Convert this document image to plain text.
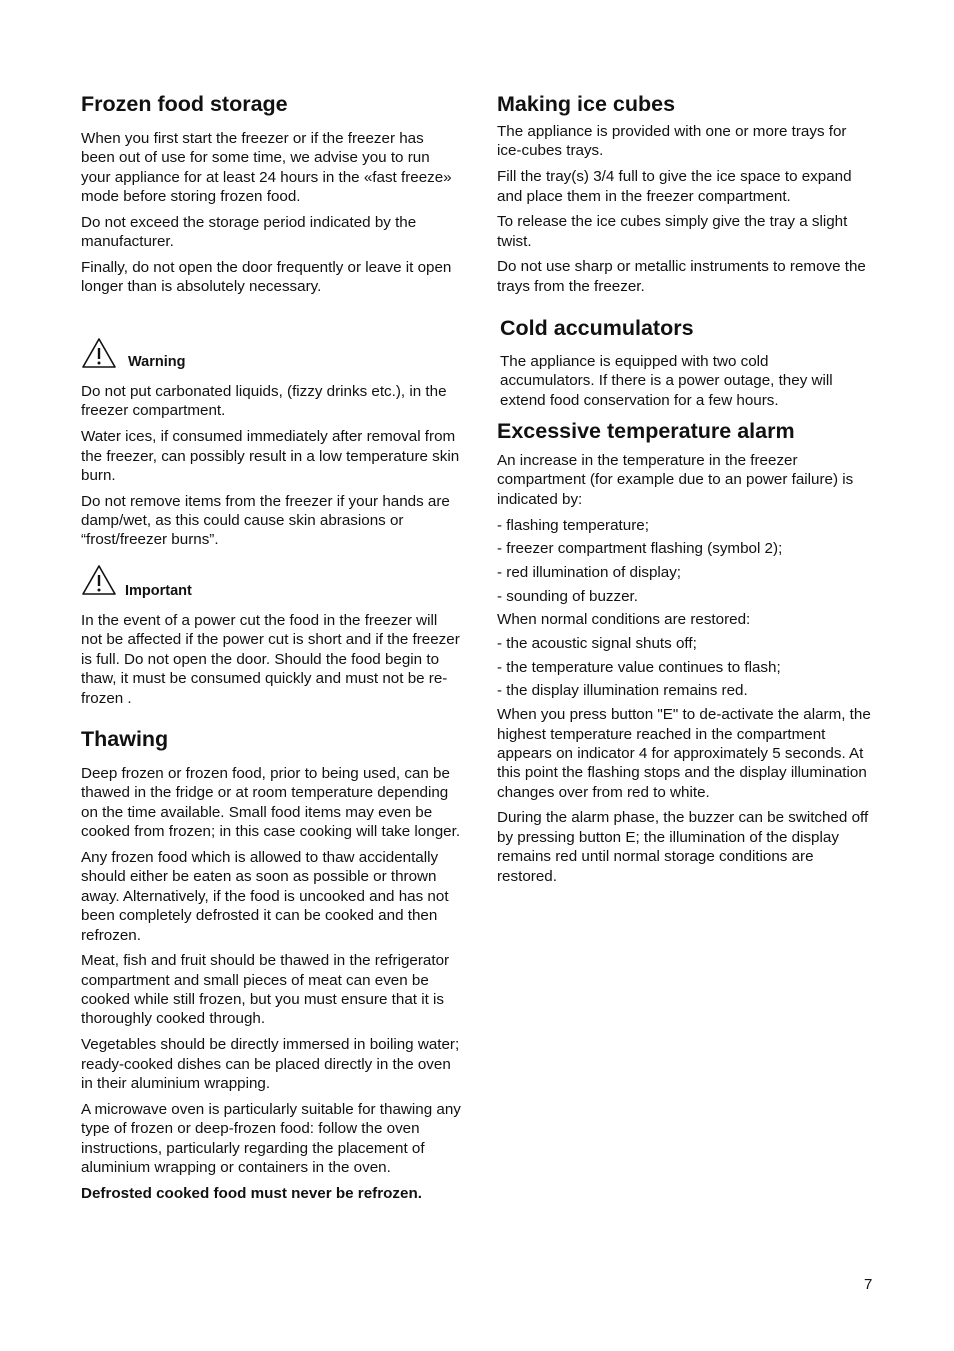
Frozen food storage

When you first start the freezer or if the freezer has been out of use for some time, we advise you to run your appliance for at least 24 hours in the «fast freeze» mode before storing frozen food.

Do not exceed the storage period indicated by the manufacturer.

Finally, do not open the door frequently or leave it open longer than is absolutely necessary.

Warning

Do not put carbonated liquids, (fizzy drinks etc.), in the freezer compartment.

Water ices, if consumed immediately after removal from the freezer, can possibly result in a low temperature skin burn.

Do not remove items from the freezer if your hands are damp/wet, as this could cause skin abrasions or “frost/freezer burns”.

Important

In the event of a power cut the food in the freezer will not be affected if the power cut is short and if the freezer is full. Do not open the door. Should the food begin to thaw, it must be consumed quickly and must not be re-frozen .

Thawing

Deep frozen or frozen food, prior to being used, can be thawed in the fridge or at room temperature depending on the time available. Small food items may even be cooked from frozen; in this case cooking will take longer.

Any frozen food which is allowed to thaw accidentally should either be eaten as soon as possible or thrown away. Alternatively, if the food is uncooked and has not been completely defrosted it can be cooked and then refrozen.

Meat, fish and fruit should be thawed in the refrigerator compartment and small pieces of meat can even be cooked while still frozen, but you must ensure that it is thoroughly cooked through.

Vegetables should be directly immersed in boiling water; ready-cooked dishes can be placed directly in the oven in their aluminium wrapping.

A microwave oven is particularly suitable for thawing any type of frozen or deep-frozen food: follow the oven instructions, particularly regarding the placement of aluminium wrapping or containers in the oven.

Defrosted cooked food must never be refrozen.

Making ice cubes

The appliance is provided with one or more trays for ice-cubes trays.

Fill the tray(s) 3/4 full to give the ice space to expand and place them in the freezer compartment.

To release the ice cubes simply give the tray a slight twist.

Do not use sharp or metallic instruments to remove the trays from the freezer.

Cold accumulators

The appliance is equipped with two cold accumulators. If there is a power outage, they will extend food conservation for a few hours.

Excessive temperature alarm

An increase in the temperature in the freezer compartment (for example due to an power failure) is indicated by:

- flashing temperature;

- freezer compartment flashing (symbol 2);

- red illumination of display;

- sounding of buzzer.

When normal conditions are restored:

- the acoustic signal shuts off;

- the temperature value continues to flash;

- the display illumination remains red.

When you press button "E" to de-activate the alarm, the highest temperature reached in the compartment appears on indicator 4 for approximately 5 seconds. At this point the flashing stops and the display illumination changes over from red to white.

During the alarm phase, the buzzer can be switched off by pressing button E; the illumination of the display remains red until normal storage conditions are restored.

7
